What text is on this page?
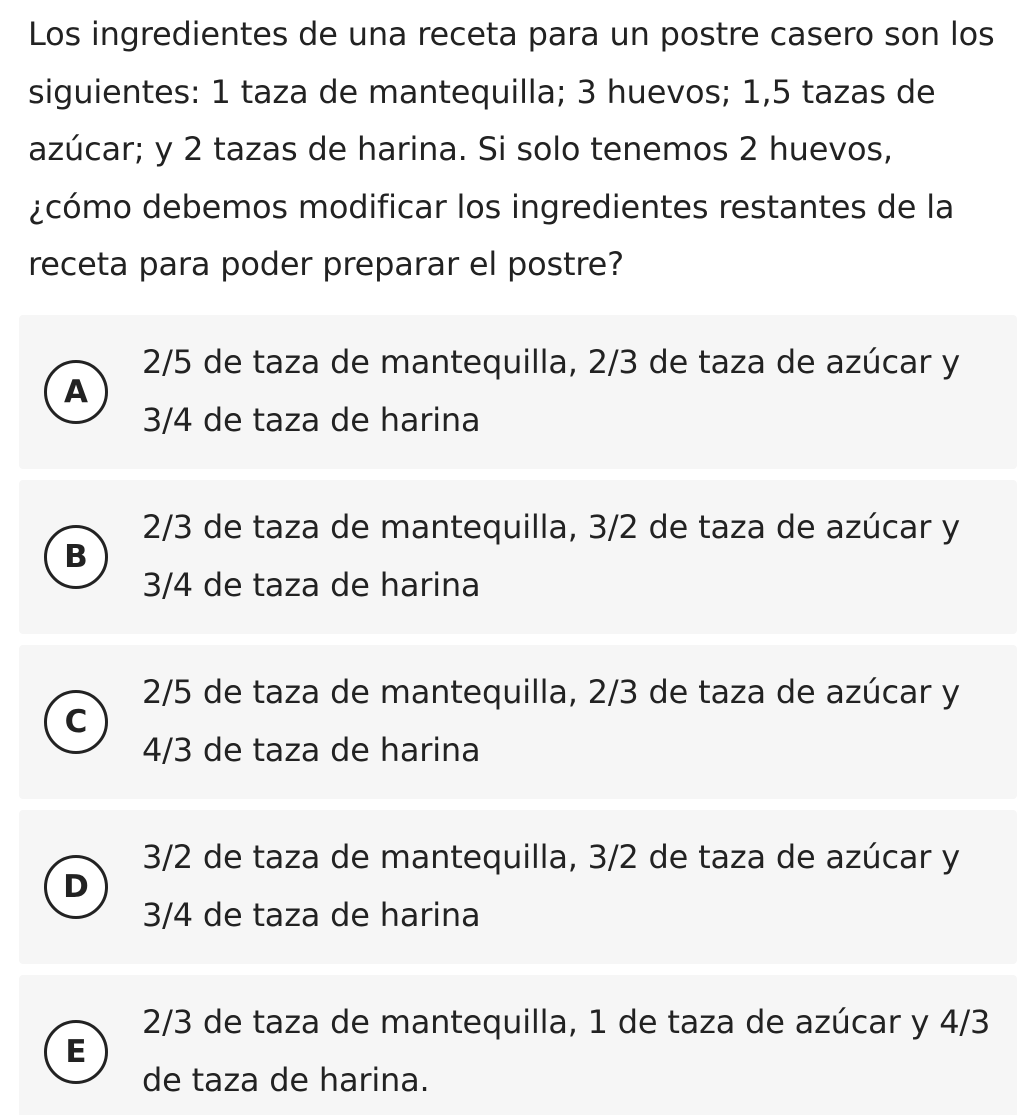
Los ingredientes de una receta para un postre casero son los siguientes: 1 taza de mantequilla; 3 huevos; 1,5 tazas de azúcar; y 2 tazas de harina. Si solo tenemos 2 huevos, ¿cómo debemos modificar los ingredientes restantes de la receta para poder preparar el postre?

A
2/5 de taza de mantequilla, 2/3 de taza de azúcar y 3/4 de taza de harina
B
2/3 de taza de mantequilla, 3/2 de taza de azúcar y 3/4 de taza de harina
C
2/5 de taza de mantequilla, 2/3 de taza de azúcar y 4/3 de taza de harina
D
3/2 de taza de mantequilla, 3/2 de taza de azúcar y 3/4 de taza de harina
E
2/3 de taza de mantequilla, 1 de taza de azúcar y 4/3 de taza de harina.
